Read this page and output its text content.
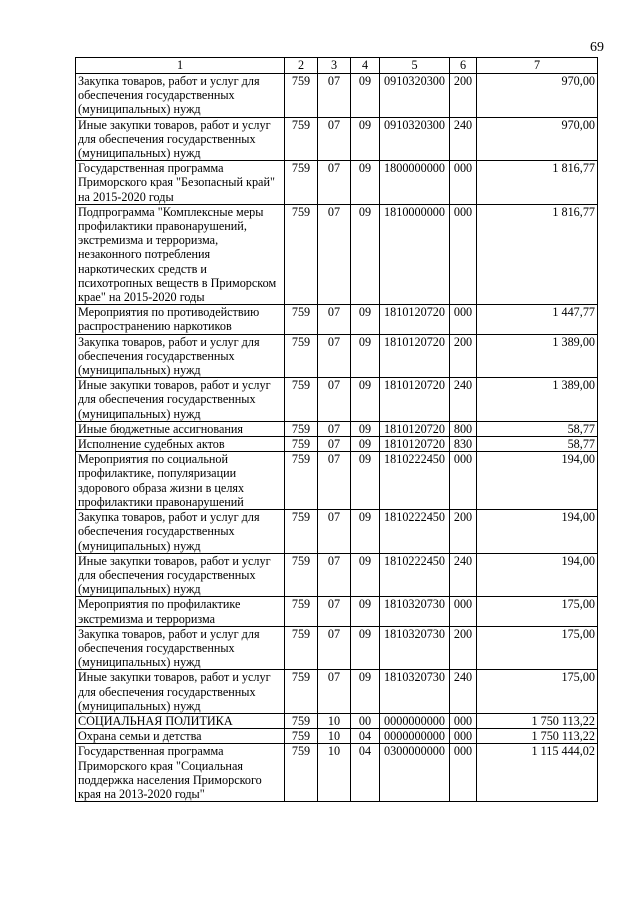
69
1	2	3	4	5	6	7
Закупка товаров, работ и услуг для обеспечения государственных (муниципальных) нужд	759	07	09	0910320300	200	970,00
Иные закупки товаров, работ и услуг для обеспечения государственных (муниципальных) нужд	759	07	09	0910320300	240	970,00
Государственная программа Приморского края "Безопасный край" на 2015-2020 годы	759	07	09	1800000000	000	1 816,77
Подпрограмма "Комплексные меры профилактики правонарушений, экстремизма и терроризма, незаконного потребления наркотических средств и психотропных веществ в Приморском крае" на 2015-2020 годы	759	07	09	1810000000	000	1 816,77
Мероприятия по противодействию распространению наркотиков	759	07	09	1810120720	000	1 447,77
Закупка товаров, работ и услуг для обеспечения государственных (муниципальных) нужд	759	07	09	1810120720	200	1 389,00
Иные закупки товаров, работ и услуг для обеспечения государственных (муниципальных) нужд	759	07	09	1810120720	240	1 389,00
Иные бюджетные ассигнования	759	07	09	1810120720	800	58,77
Исполнение судебных актов	759	07	09	1810120720	830	58,77
Мероприятия по социальной профилактике, популяризации здорового образа жизни в целях профилактики правонарушений	759	07	09	1810222450	000	194,00
Закупка товаров, работ и услуг для обеспечения государственных (муниципальных) нужд	759	07	09	1810222450	200	194,00
Иные закупки товаров, работ и услуг для обеспечения государственных (муниципальных) нужд	759	07	09	1810222450	240	194,00
Мероприятия по профилактике экстремизма и терроризма	759	07	09	1810320730	000	175,00
Закупка товаров, работ и услуг для обеспечения государственных (муниципальных) нужд	759	07	09	1810320730	200	175,00
Иные закупки товаров, работ и услуг для обеспечения государственных (муниципальных) нужд	759	07	09	1810320730	240	175,00
СОЦИАЛЬНАЯ ПОЛИТИКА	759	10	00	0000000000	000	1 750 113,22
Охрана семьи и детства	759	10	04	0000000000	000	1 750 113,22
Государственная программа Приморского края "Социальная поддержка населения Приморского края на 2013-2020 годы"	759	10	04	0300000000	000	1 115 444,02
